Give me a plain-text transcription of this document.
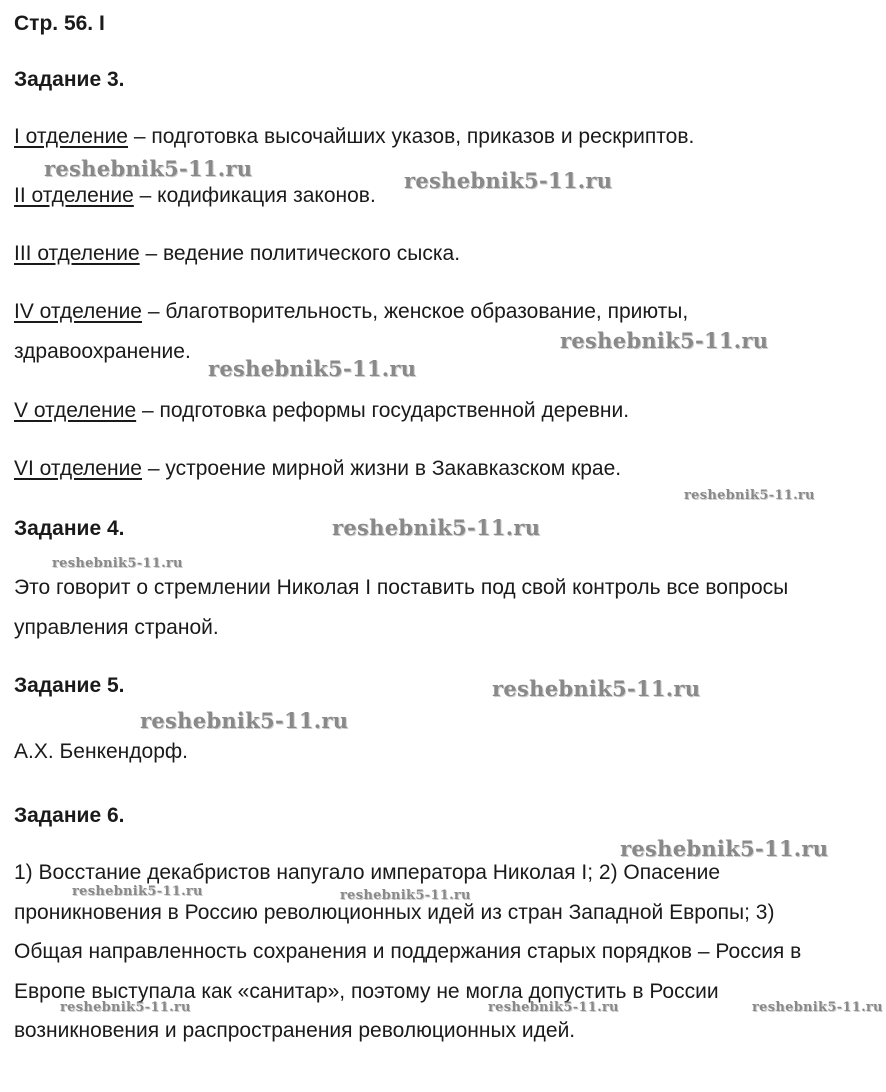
Стр. 56. I
Задание 3.
I отделение – подготовка высочайших указов, приказов и рескриптов.
II отделение – кодификация законов.
III отделение – ведение политического сыска.
IV отделение – благотворительность, женское образование, приюты,
здравоохранение.
V отделение – подготовка реформы государственной деревни.
VI отделение – устроение мирной жизни в Закавказском крае.
Задание 4.
Это говорит о стремлении Николая I поставить под свой контроль все вопросы
управления страной.
Задание 5.
А.Х. Бенкендорф.
Задание 6.
1) Восстание декабристов напугало императора Николая I; 2) Опасение
проникновения в Россию революционных идей из стран Западной Европы; 3)
Общая направленность сохранения и поддержания старых порядков – Россия в
Европе выступала как «санитар», поэтому не могла допустить в России
возникновения и распространения революционных идей.
reshebnik5-11.ru	reshebnik5-11.ru
reshebnik5-11.ru
reshebnik5-11.ru
reshebnik5-11.ru
reshebnik5-11.ru
reshebnik5-11.ru
reshebnik5-11.ru
reshebnik5-11.ru
reshebnik5-11.ru
reshebnik5-11.ru	reshebnik5-11.ru
reshebnik5-11.ru	reshebnik5-11.ru	reshebnik5-11.ru
